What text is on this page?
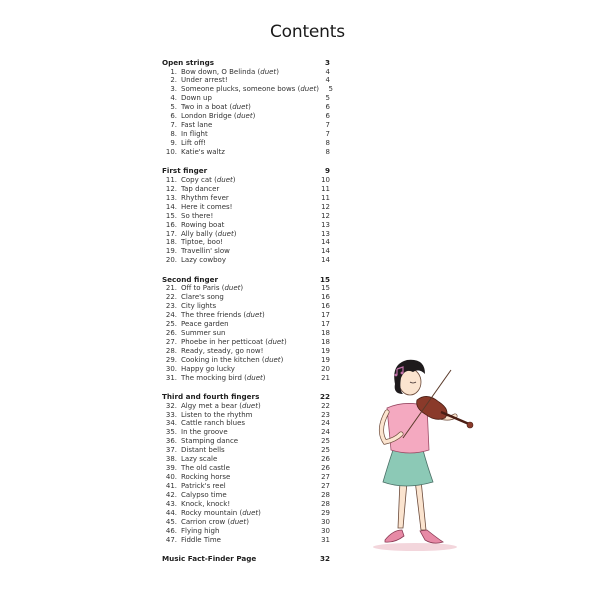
Contents
Open strings	3
1. Bow down, O Belinda (duet)	4
2. Under arrest!	4
3. Someone plucks, someone bows (duet)	5
4. Down up	5
5. Two in a boat (duet)	6
6. London Bridge (duet)	6
7. Fast lane	7
8. In flight	7
9. Lift off!	8
10. Katie's waltz	8
First finger	9
11. Copy cat (duet)	10
12. Tap dancer	11
13. Rhythm fever	11
14. Here it comes!	12
15. So there!	12
16. Rowing boat	13
17. Ally bally (duet)	13
18. Tiptoe, boo!	14
19. Travellin' slow	14
20. Lazy cowboy	14
Second finger	15
21. Off to Paris (duet)	15
22. Clare's song	16
23. City lights	16
24. The three friends (duet)	17
25. Peace garden	17
26. Summer sun	18
27. Phoebe in her petticoat (duet)	18
28. Ready, steady, go now!	19
29. Cooking in the kitchen (duet)	19
30. Happy go lucky	20
31. The mocking bird (duet)	21
Third and fourth fingers	22
32. Algy met a bear (duet)	22
33. Listen to the rhythm	23
34. Cattle ranch blues	24
35. In the groove	24
36. Stamping dance	25
37. Distant bells	25
38. Lazy scale	26
39. The old castle	26
40. Rocking horse	27
41. Patrick's reel	27
42. Calypso time	28
43. Knock, knock!	28
44. Rocky mountain (duet)	29
45. Carrion crow (duet)	30
46. Flying high	30
47. Fiddle Time	31
Music Fact-Finder Page	32
